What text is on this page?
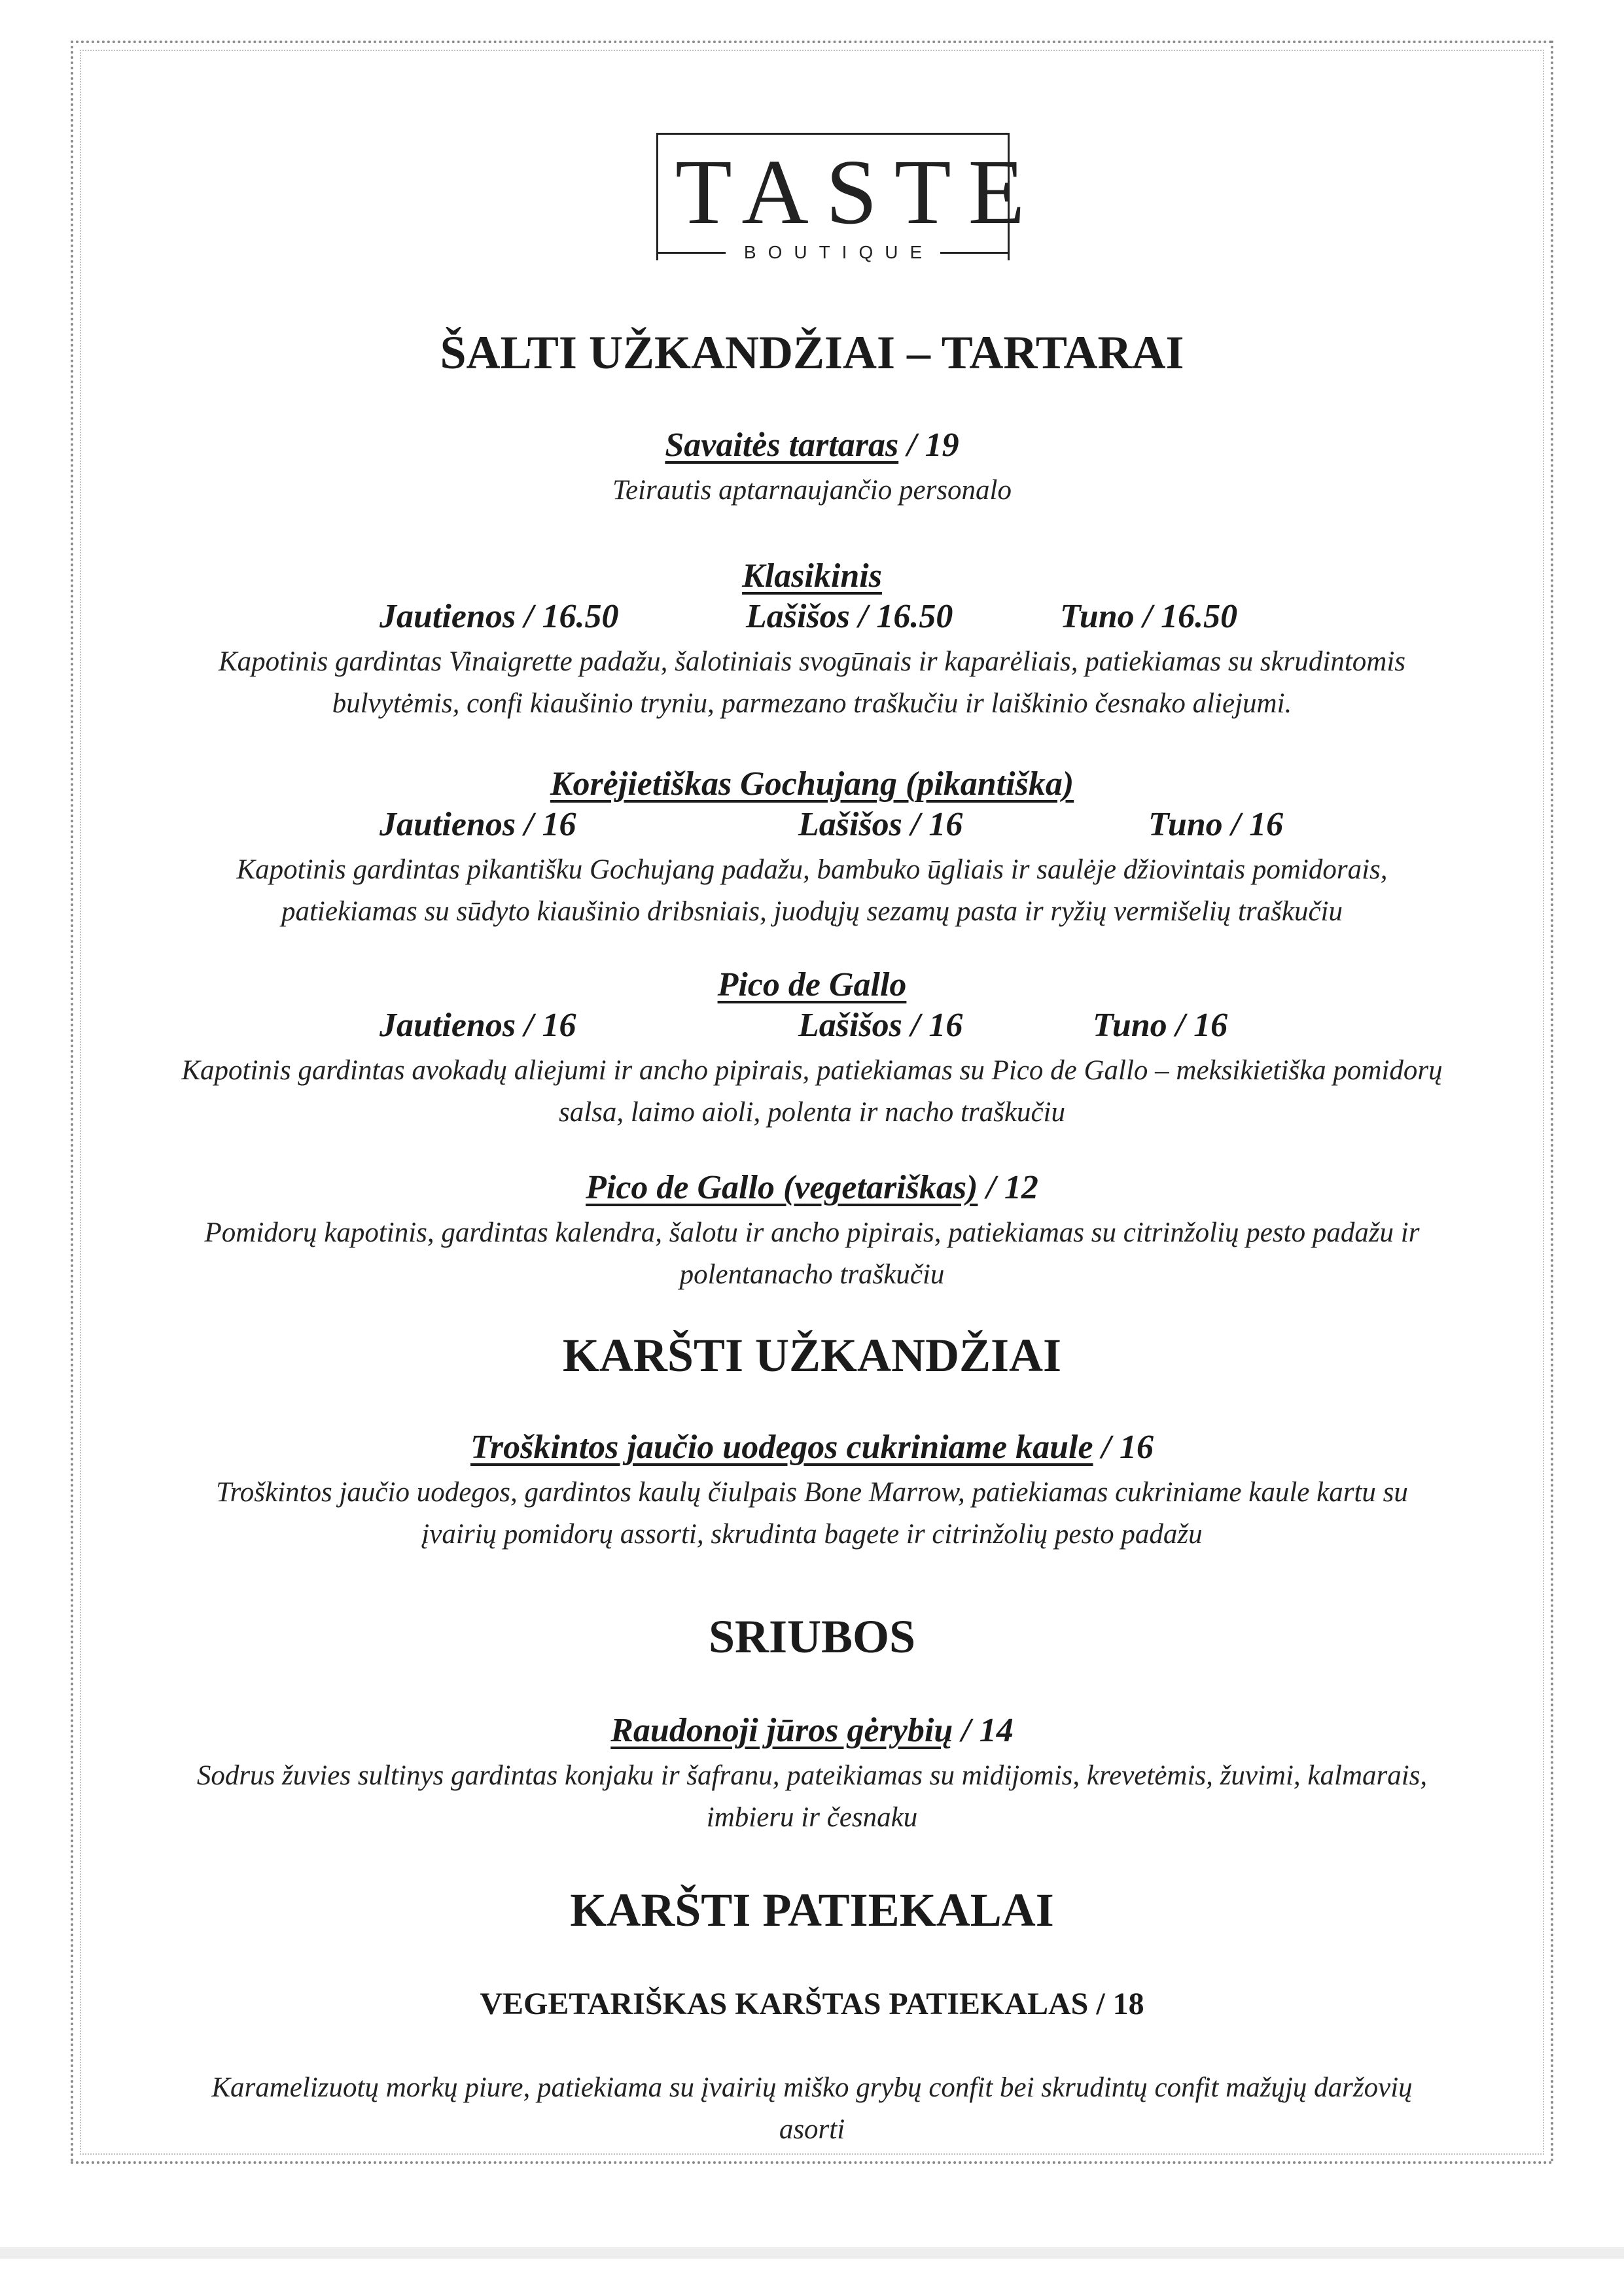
TASTE
BOUTIQUE
ŠALTI UŽKANDŽIAI – TARTARAI

Savaitės tartaras / 19

Teirautis aptarnaujančio personalo

Klasikinis

Jautienos / 16.50	Lašišos / 16.50	Tuno / 16.50

Kapotinis gardintas Vinaigrette padažu, šalotiniais svogūnais ir kaparėliais, patiekiamas su skrudintomis

bulvytėmis, confi kiaušinio tryniu, parmezano traškučiu ir laiškinio česnako aliejumi.

Korėjietiškas Gochujang (pikantiška)

Jautienos / 16	Lašišos / 16	Tuno / 16

Kapotinis gardintas pikantišku Gochujang padažu, bambuko ūgliais ir saulėje džiovintais pomidorais,

patiekiamas su sūdyto kiaušinio dribsniais, juodųjų sezamų pasta ir ryžių vermišelių traškučiu

Pico de Gallo

Jautienos / 16	Lašišos / 16	Tuno / 16

Kapotinis gardintas avokadų aliejumi ir ancho pipirais, patiekiamas su Pico de Gallo – meksikietiška pomidorų

salsa, laimo aioli, polenta ir nacho traškučiu

Pico de Gallo (vegetariškas) / 12

Pomidorų kapotinis, gardintas kalendra, šalotu ir ancho pipirais, patiekiamas su citrinžolių pesto padažu ir

polentanacho traškučiu

KARŠTI UŽKANDŽIAI

Troškintos jaučio uodegos cukriniame kaule / 16

Troškintos jaučio uodegos, gardintos kaulų čiulpais Bone Marrow, patiekiamas cukriniame kaule kartu su

įvairių pomidorų assorti, skrudinta bagete ir citrinžolių pesto padažu

SRIUBOS

Raudonoji jūros gėrybių / 14

Sodrus žuvies sultinys gardintas konjaku ir šafranu, pateikiamas su midijomis, krevetėmis, žuvimi, kalmarais,

imbieru ir česnaku

KARŠTI PATIEKALAI
VEGETARIŠKAS KARŠTAS PATIEKALAS / 18

Karamelizuotų morkų piure, patiekiama su įvairių miško grybų confit bei skrudintų confit mažųjų daržovių

asorti
